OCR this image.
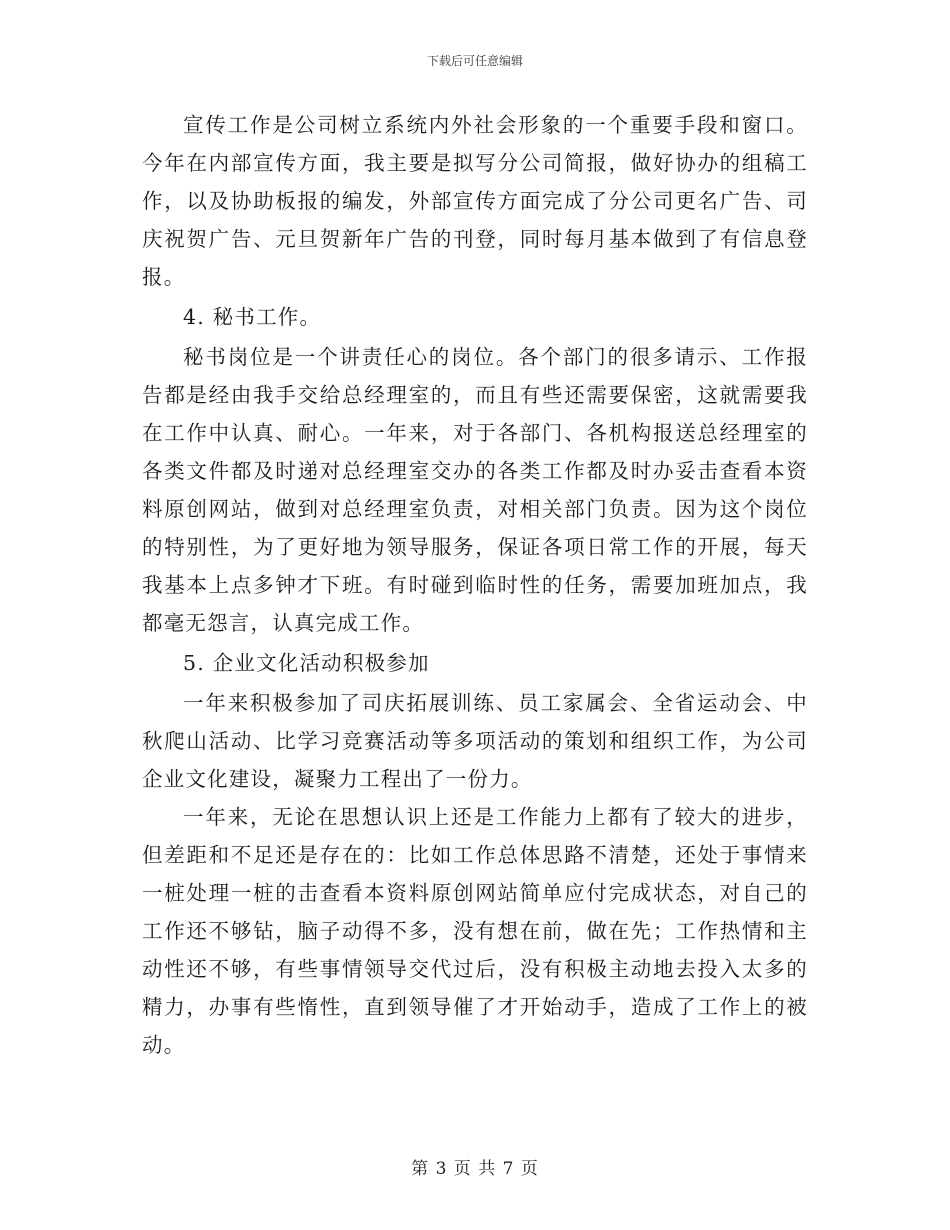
下载后可任意编辑

宣传工作是公司树立系统内外社会形象的一个重要手段和窗口。今年在内部宣传方面，我主要是拟写分公司简报，做好协办的组稿工作，以及协助板报的编发，外部宣传方面完成了分公司更名广告、司庆祝贺广告、元旦贺新年广告的刊登，同时每月基本做到了有信息登报。

4. 秘书工作。

秘书岗位是一个讲责任心的岗位。各个部门的很多请示、工作报告都是经由我手交给总经理室的，而且有些还需要保密，这就需要我在工作中认真、耐心。一年来，对于各部门、各机构报送总经理室的各类文件都及时递对总经理室交办的各类工作都及时办妥击查看本资料原创网站，做到对总经理室负责，对相关部门负责。因为这个岗位的特别性，为了更好地为领导服务，保证各项日常工作的开展，每天我基本上点多钟才下班。有时碰到临时性的任务，需要加班加点，我都毫无怨言，认真完成工作。

5. 企业文化活动积极参加

一年来积极参加了司庆拓展训练、员工家属会、全省运动会、中秋爬山活动、比学习竞赛活动等多项活动的策划和组织工作，为公司企业文化建设，凝聚力工程出了一份力。

一年来，无论在思想认识上还是工作能力上都有了较大的进步，但差距和不足还是存在的：比如工作总体思路不清楚，还处于事情来一桩处理一桩的击查看本资料原创网站简单应付完成状态，对自己的工作还不够钻，脑子动得不多，没有想在前，做在先；工作热情和主动性还不够，有些事情领导交代过后，没有积极主动地去投入太多的精力，办事有些惰性，直到领导催了才开始动手，造成了工作上的被动。

第 3 页 共 7 页
